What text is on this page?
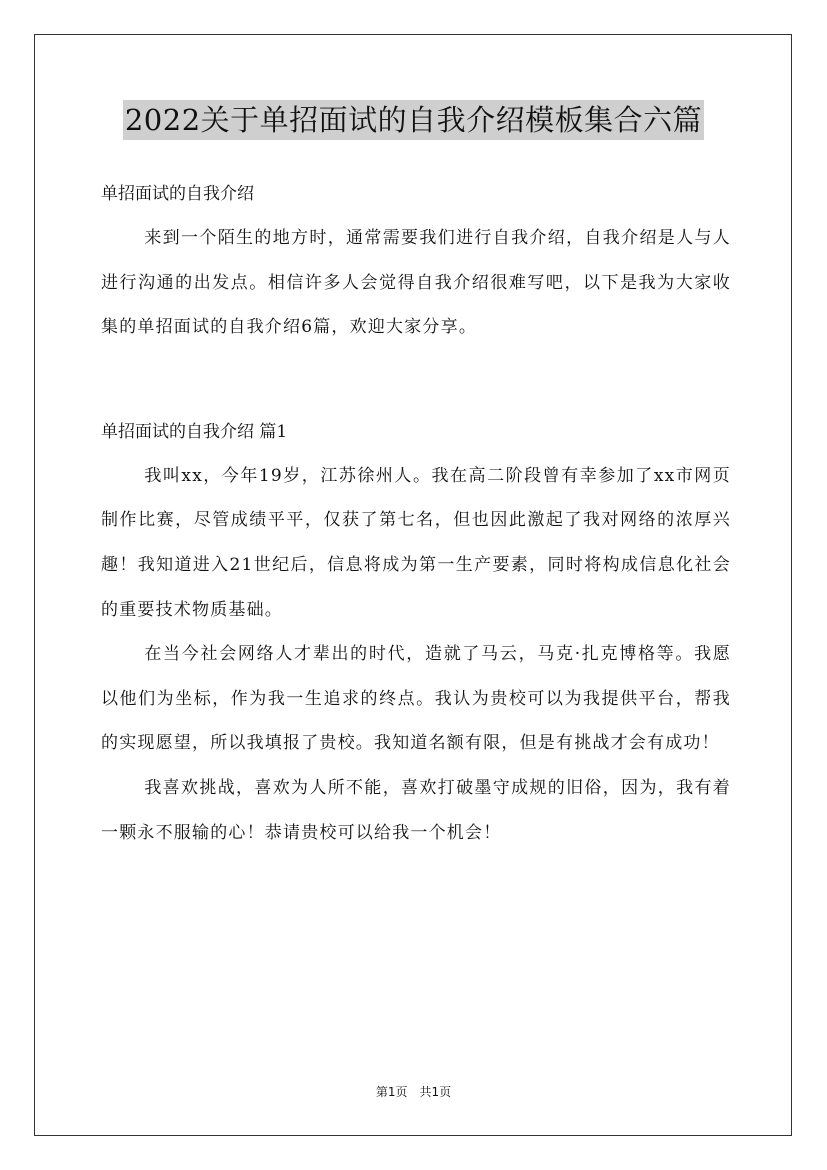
2022关于单招面试的自我介绍模板集合六篇

单招面试的自我介绍

来到一个陌生的地方时，通常需要我们进行自我介绍，自我介绍是人与人进行沟通的出发点。相信许多人会觉得自我介绍很难写吧，以下是我为大家收集的单招面试的自我介绍6篇，欢迎大家分享。

单招面试的自我介绍 篇1

我叫xx，今年19岁，江苏徐州人。我在高二阶段曾有幸参加了xx市网页制作比赛，尽管成绩平平，仅获了第七名，但也因此激起了我对网络的浓厚兴趣！我知道进入21世纪后，信息将成为第一生产要素，同时将构成信息化社会的重要技术物质基础。

在当今社会网络人才辈出的时代，造就了马云，马克·扎克博格等。我愿以他们为坐标，作为我一生追求的终点。我认为贵校可以为我提供平台，帮我的实现愿望，所以我填报了贵校。我知道名额有限，但是有挑战才会有成功！

我喜欢挑战，喜欢为人所不能，喜欢打破墨守成规的旧俗，因为，我有着一颗永不服输的心！恭请贵校可以给我一个机会！

第1页　共1页
